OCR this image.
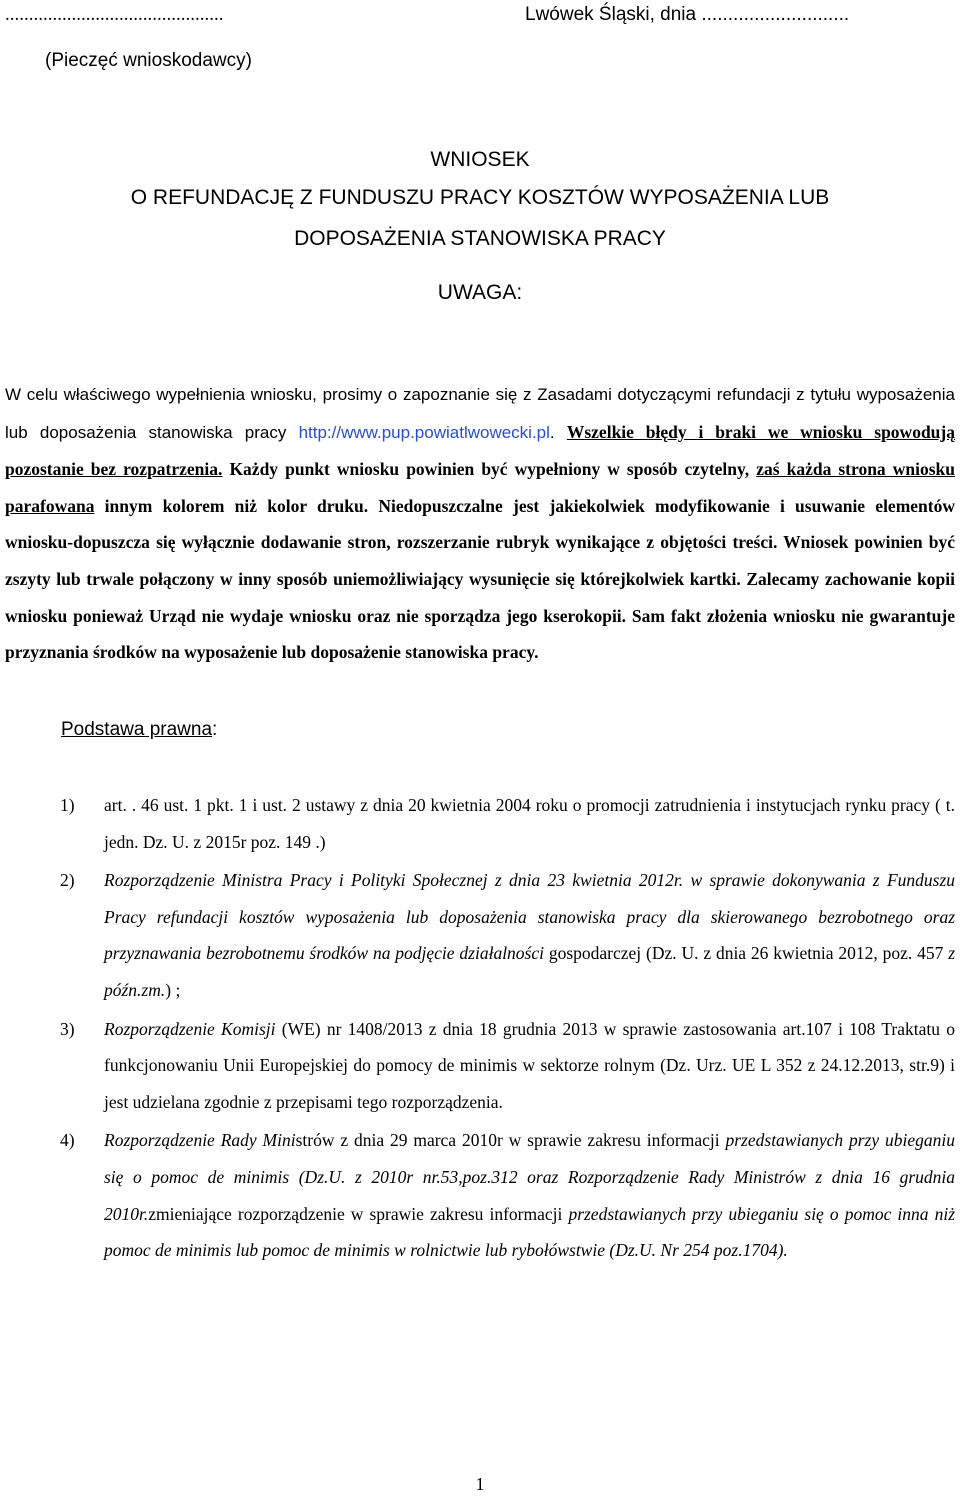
..............................................	Lwówek Śląski, dnia ............................
(Pieczęć wnioskodawcy)
WNIOSEK
O REFUNDACJĘ Z FUNDUSZU PRACY KOSZTÓW WYPOSAŻENIA LUB
DOPOSAŻENIA STANOWISKA PRACY
UWAGA:
W celu właściwego wypełnienia wniosku, prosimy o zapoznanie się z Zasadami dotyczącymi refundacji z tytułu wyposażenia lub doposażenia stanowiska pracy http://www.pup.powiatlwowecki.pl. Wszelkie błędy i braki we wniosku spowodują pozostanie bez rozpatrzenia. Każdy punkt wniosku powinien być wypełniony w sposób czytelny, zaś każda strona wniosku parafowana innym kolorem niż kolor druku. Niedopuszczalne jest jakiekolwiek modyfikowanie i usuwanie elementów wniosku-dopuszcza się wyłącznie dodawanie stron, rozszerzanie rubryk wynikające z objętości treści. Wniosek powinien być zszyty lub trwale połączony w inny sposób uniemożliwiający wysunięcie się którejkolwiek kartki. Zalecamy zachowanie kopii wniosku ponieważ Urząd nie wydaje wniosku oraz nie sporządza jego kserokopii. Sam fakt złożenia wniosku nie gwarantuje przyznania środków na wyposażenie lub doposażenie stanowiska pracy.
Podstawa prawna:
1)	art. . 46 ust. 1 pkt. 1 i ust. 2 ustawy z dnia 20 kwietnia 2004 roku o promocji zatrudnienia i instytucjach rynku pracy ( t. jedn. Dz. U. z 2015r poz. 149 .)
2)	Rozporządzenie Ministra Pracy i Polityki Społecznej z dnia 23 kwietnia 2012r. w sprawie dokonywania z Funduszu Pracy refundacji kosztów wyposażenia lub doposażenia stanowiska pracy dla skierowanego bezrobotnego oraz przyznawania bezrobotnemu środków na podjęcie działalności gospodarczej (Dz. U. z dnia 26 kwietnia 2012, poz. 457 z późn.zm.) ;
3)	Rozporządzenie Komisji (WE) nr 1408/2013 z dnia 18 grudnia 2013 w sprawie zastosowania art.107 i 108 Traktatu o funkcjonowaniu Unii Europejskiej do pomocy de minimis w sektorze rolnym (Dz. Urz. UE L 352 z 24.12.2013, str.9) i jest udzielana zgodnie z przepisami tego rozporządzenia.
4)	Rozporządzenie Rady Ministrów z dnia 29 marca 2010r w sprawie zakresu informacji przedstawianych przy ubieganiu się o pomoc de minimis (Dz.U. z 2010r nr.53,poz.312 oraz Rozporządzenie Rady Ministrów z dnia 16 grudnia 2010r.zmieniające rozporządzenie w sprawie zakresu informacji przedstawianych przy ubieganiu się o pomoc inna niż pomoc de minimis lub pomoc de minimis w rolnictwie lub rybołówstwie (Dz.U. Nr 254 poz.1704).
1
